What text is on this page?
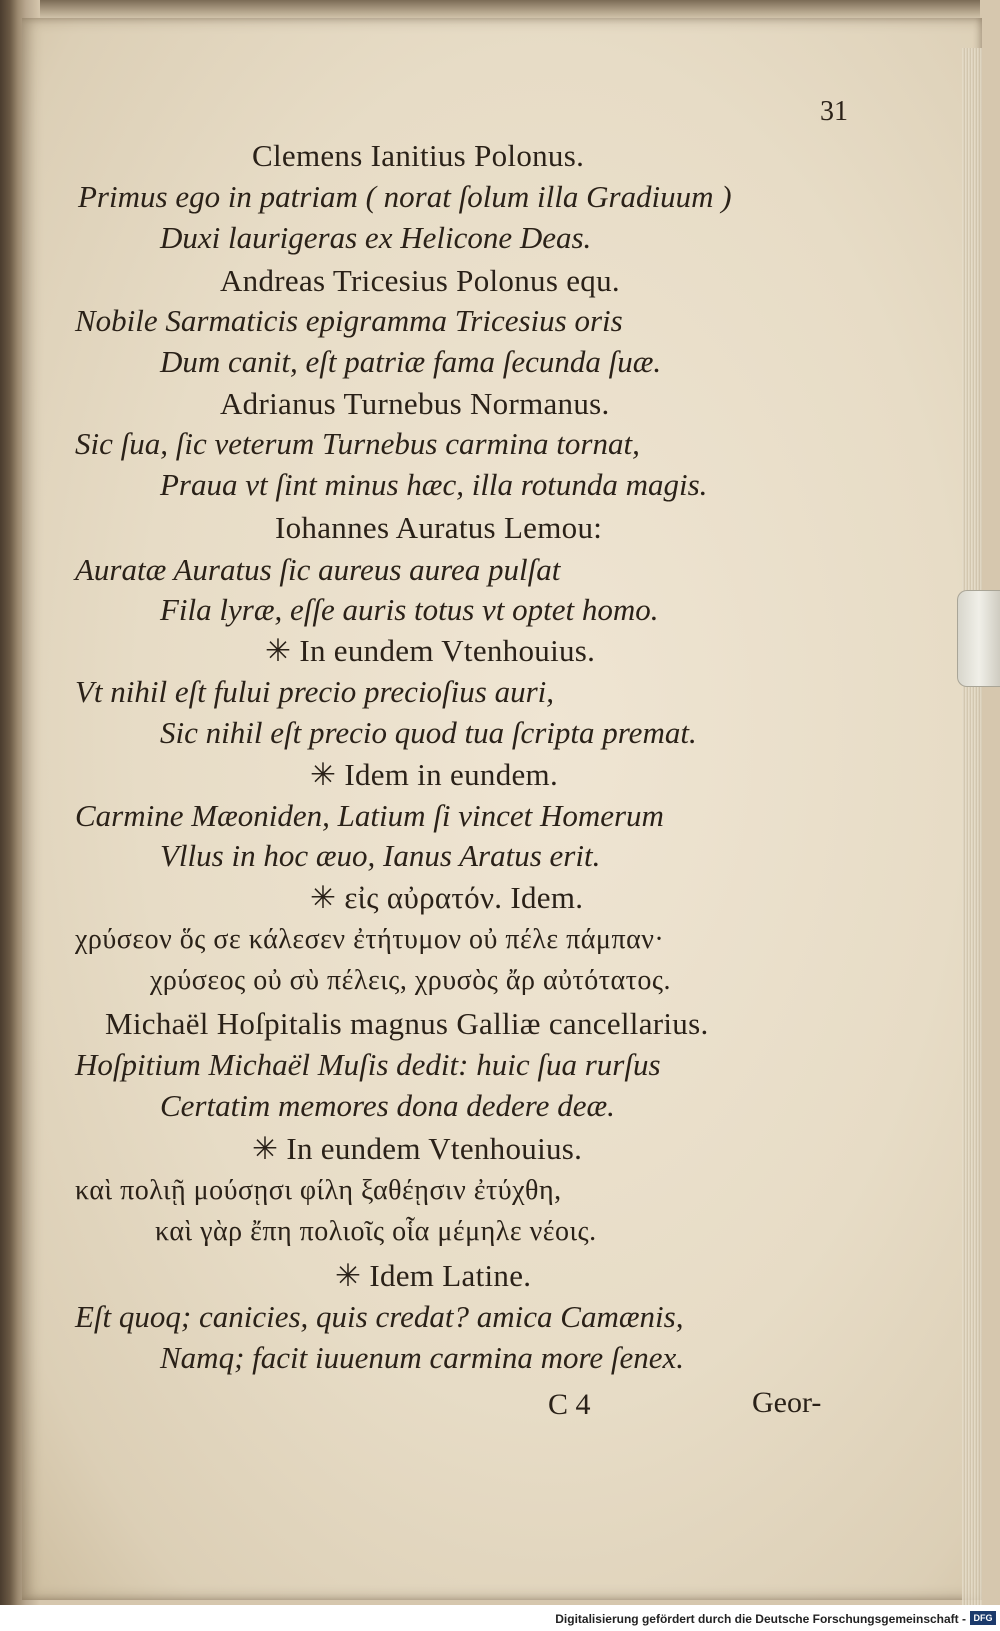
31
Clemens Ianitius Polonus.
Primus ego in patriam ( norat ſolum illa Gradiuum )
Duxi laurigeras ex Helicone Deas.
Andreas Tricesius Polonus equ.
Nobile Sarmaticis epigramma Tricesius oris
Dum canit, eſt patriæ fama ſecunda ſuæ.
Adrianus Turnebus Normanus.
Sic ſua, ſic veterum Turnebus carmina tornat,
Praua vt ſint minus hæc, illa rotunda magis.
Iohannes Auratus Lemou:
Auratæ Auratus ſic aureus aurea pulſat
Fila lyræ, eſſe auris totus vt optet homo.
✳ In eundem Vtenhouius.
Vt nihil eſt fului precio precioſius auri,
Sic nihil eſt precio quod tua ſcripta premat.
✳ Idem in eundem.
Carmine Mæoniden, Latium ſi vincet Homerum
Vllus in hoc æuo, Ianus Aratus erit.
✳ εἰς αὐρατόν. Idem.
χρύσεον ὅς σε κάλεσεν ἐτήτυμον οὐ πέλε πάμπαν·
χρύσεος οὐ σὺ πέλεις, χρυσὸς ἄρ αὐτότατος.
Michaël Hoſpitalis magnus Galliæ cancellarius.
Hoſpitium Michaël Muſis dedit: huic ſua rurſus
Certatim memores dona dedere deæ.
✳ In eundem Vtenhouius.
καὶ πολιῇ μούσῃσι φίλη ξαθέῃσιν ἐτύχθη,
καὶ γὰρ ἔπη πολιοῖς οἷα μέμηλε νέοις.
✳ Idem Latine.
Eſt quoq; canicies, quis credat? amica Camænis,
Namq; facit iuuenum carmina more ſenex.
C 4	Geor-
Digitalisierung gefördert durch die Deutsche Forschungsgemeinschaft - DFG
